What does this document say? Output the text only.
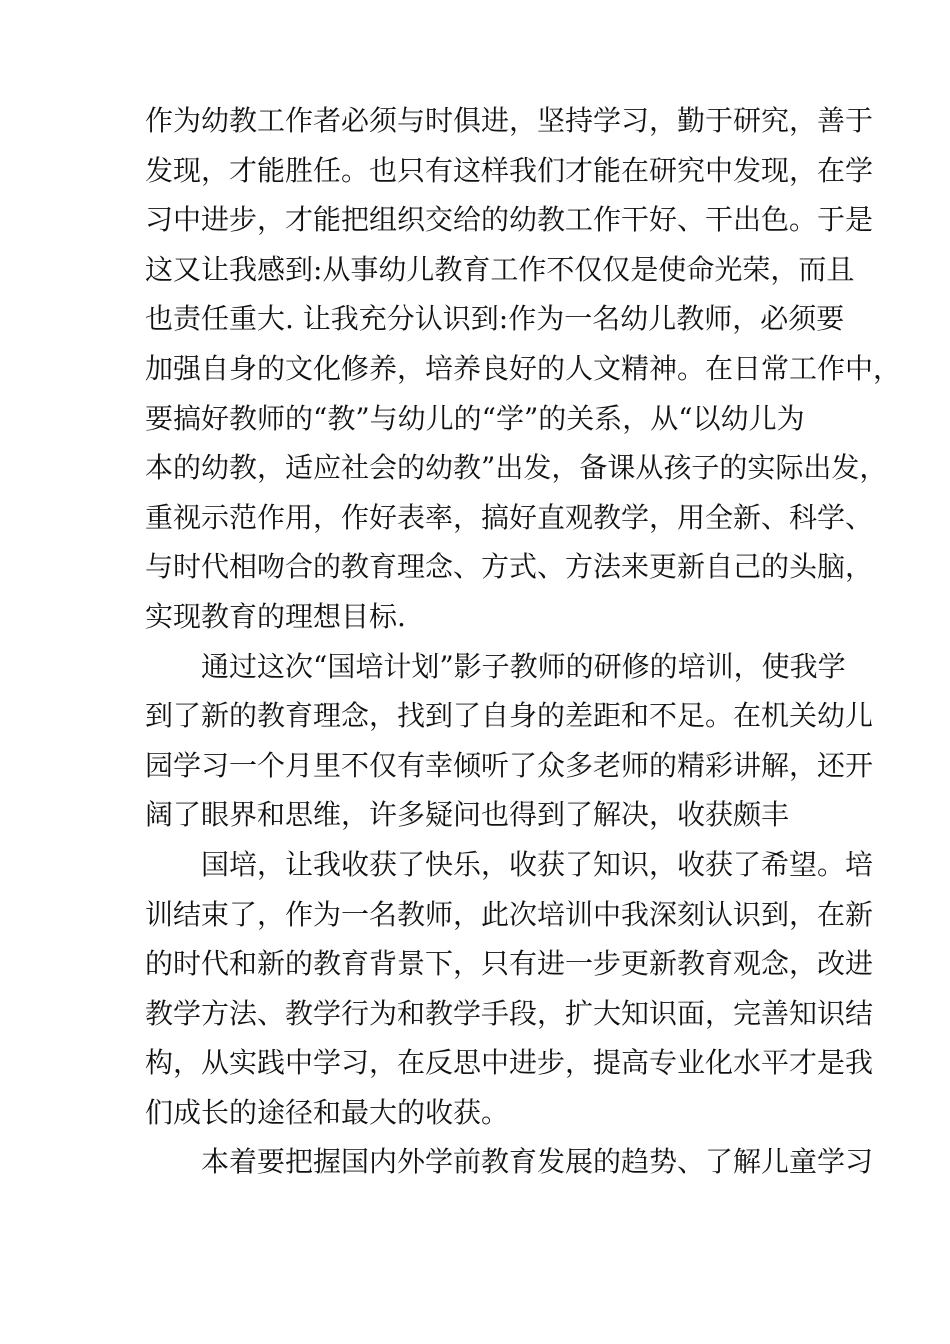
作为幼教工作者必须与时俱进，坚持学习，勤于研究，善于
发现，才能胜任。也只有这样我们才能在研究中发现，在学
习中进步，才能把组织交给的幼教工作干好、干出色。于是
这又让我感到:从事幼儿教育工作不仅仅是使命光荣，而且
也责任重大. 让我充分认识到:作为一名幼儿教师，必须要
加强自身的文化修养，培养良好的人文精神。在日常工作中，
要搞好教师的“教”与幼儿的“学”的关系，从“以幼儿为
本的幼教，适应社会的幼教”出发，备课从孩子的实际出发，
重视示范作用，作好表率，搞好直观教学，用全新、科学、
与时代相吻合的教育理念、方式、方法来更新自己的头脑，
实现教育的理想目标.
通过这次“国培计划”影子教师的研修的培训，使我学
到了新的教育理念，找到了自身的差距和不足。在机关幼儿
园学习一个月里不仅有幸倾听了众多老师的精彩讲解，还开
阔了眼界和思维，许多疑问也得到了解决，收获颇丰
国培，让我收获了快乐，收获了知识，收获了希望。培
训结束了，作为一名教师，此次培训中我深刻认识到，在新
的时代和新的教育背景下，只有进一步更新教育观念，改进
教学方法、教学行为和教学手段，扩大知识面，完善知识结
构，从实践中学习，在反思中进步，提高专业化水平才是我
们成长的途径和最大的收获。
本着要把握国内外学前教育发展的趋势、了解儿童学习
